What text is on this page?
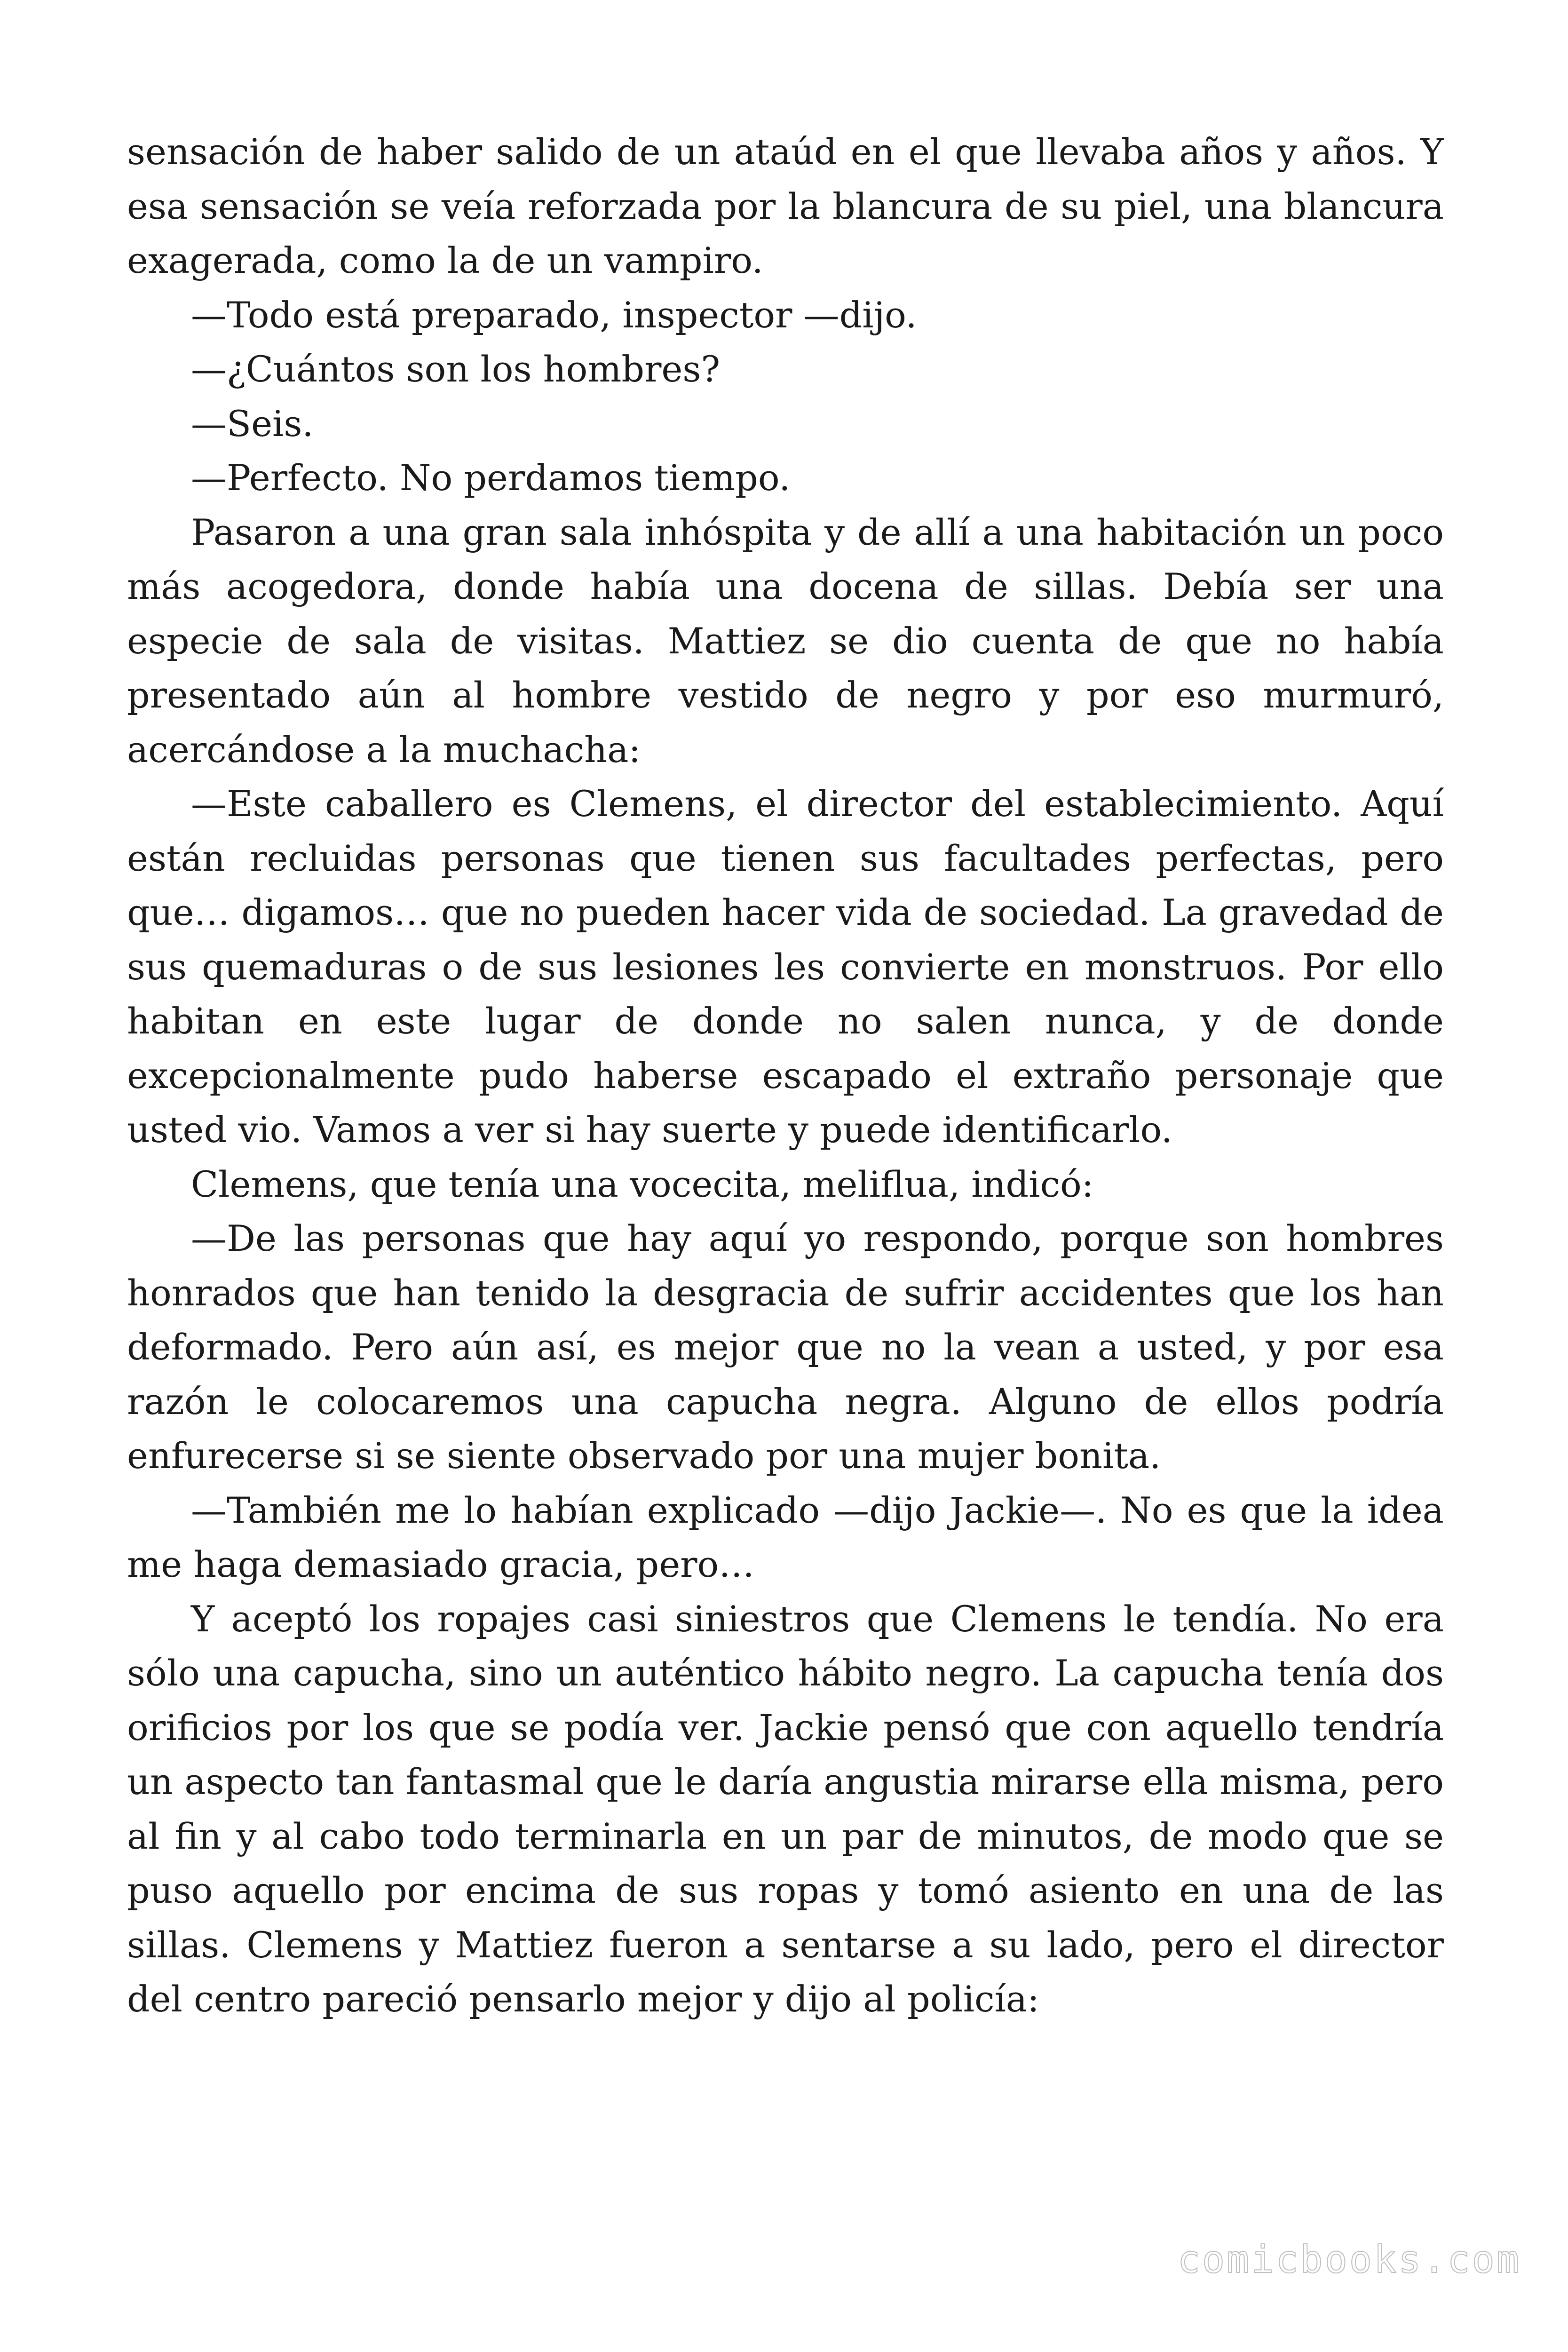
sensación de haber salido de un ataúd en el que llevaba años y años. Y esa sensación se veía reforzada por la blancura de su piel, una blancura exagerada, como la de un vampiro.

—Todo está preparado, inspector —dijo.

—¿Cuántos son los hombres?

—Seis.

—Perfecto. No perdamos tiempo.

Pasaron a una gran sala inhóspita y de allí a una habitación un poco más acogedora, donde había una docena de sillas. Debía ser una especie de sala de visitas. Mattiez se dio cuenta de que no había presentado aún al hombre vestido de negro y por eso murmuró, acercándose a la muchacha:

—Este caballero es Clemens, el director del establecimiento. Aquí están recluidas personas que tienen sus facultades perfectas, pero que… digamos… que no pueden hacer vida de sociedad. La gravedad de sus quemaduras o de sus lesiones les convierte en monstruos. Por ello habitan en este lugar de donde no salen nunca, y de donde excepcionalmente pudo haberse escapado el extraño personaje que usted vio. Vamos a ver si hay suerte y puede identificarlo.

Clemens, que tenía una vocecita, meliflua, indicó:

—De las personas que hay aquí yo respondo, porque son hombres honrados que han tenido la desgracia de sufrir accidentes que los han deformado. Pero aún así, es mejor que no la vean a usted, y por esa razón le colocaremos una capucha negra. Alguno de ellos podría enfurecerse si se siente observado por una mujer bonita.

—También me lo habían explicado —dijo Jackie—. No es que la idea me haga demasiado gracia, pero…

Y aceptó los ropajes casi siniestros que Clemens le tendía. No era sólo una capucha, sino un auténtico hábito negro. La capucha tenía dos orificios por los que se podía ver. Jackie pensó que con aquello tendría un aspecto tan fantasmal que le daría angustia mirarse ella misma, pero al fin y al cabo todo terminarla en un par de minutos, de modo que se puso aquello por encima de sus ropas y tomó asiento en una de las sillas. Clemens y Mattiez fueron a sentarse a su lado, pero el director del centro pareció pensarlo mejor y dijo al policía:

comicbooks.com
